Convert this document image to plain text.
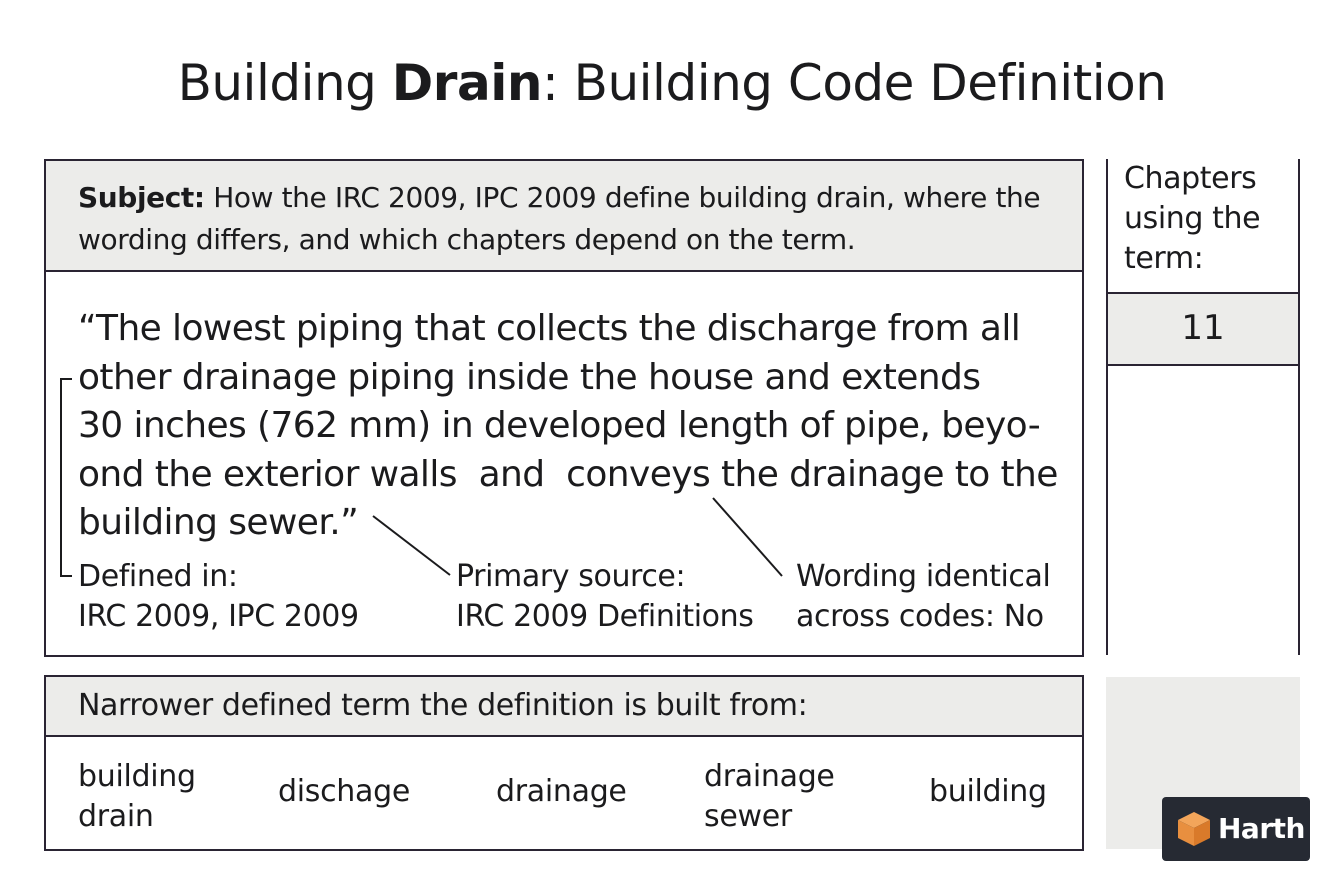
Building Drain: Building Code Definition
Subject: How the IRC 2009, IPC 2009 define building drain, where the wording differs, and which chapters depend on the term.
“The lowest piping that collects the discharge from all
other drainage piping inside the house and extends
30 inches (762 mm) in developed length of pipe, beyo-
ond the exterior walls  and  conveys the drainage to the
building sewer.”
Defined in:
IRC 2009, IPC 2009
Primary source:
IRC 2009 Definitions
Wording identical
across codes: No
Chapters using the term:
11
Narrower defined term the definition is built from:
building
drain
dischage	drainage	drainage
sewer
building
Harth
